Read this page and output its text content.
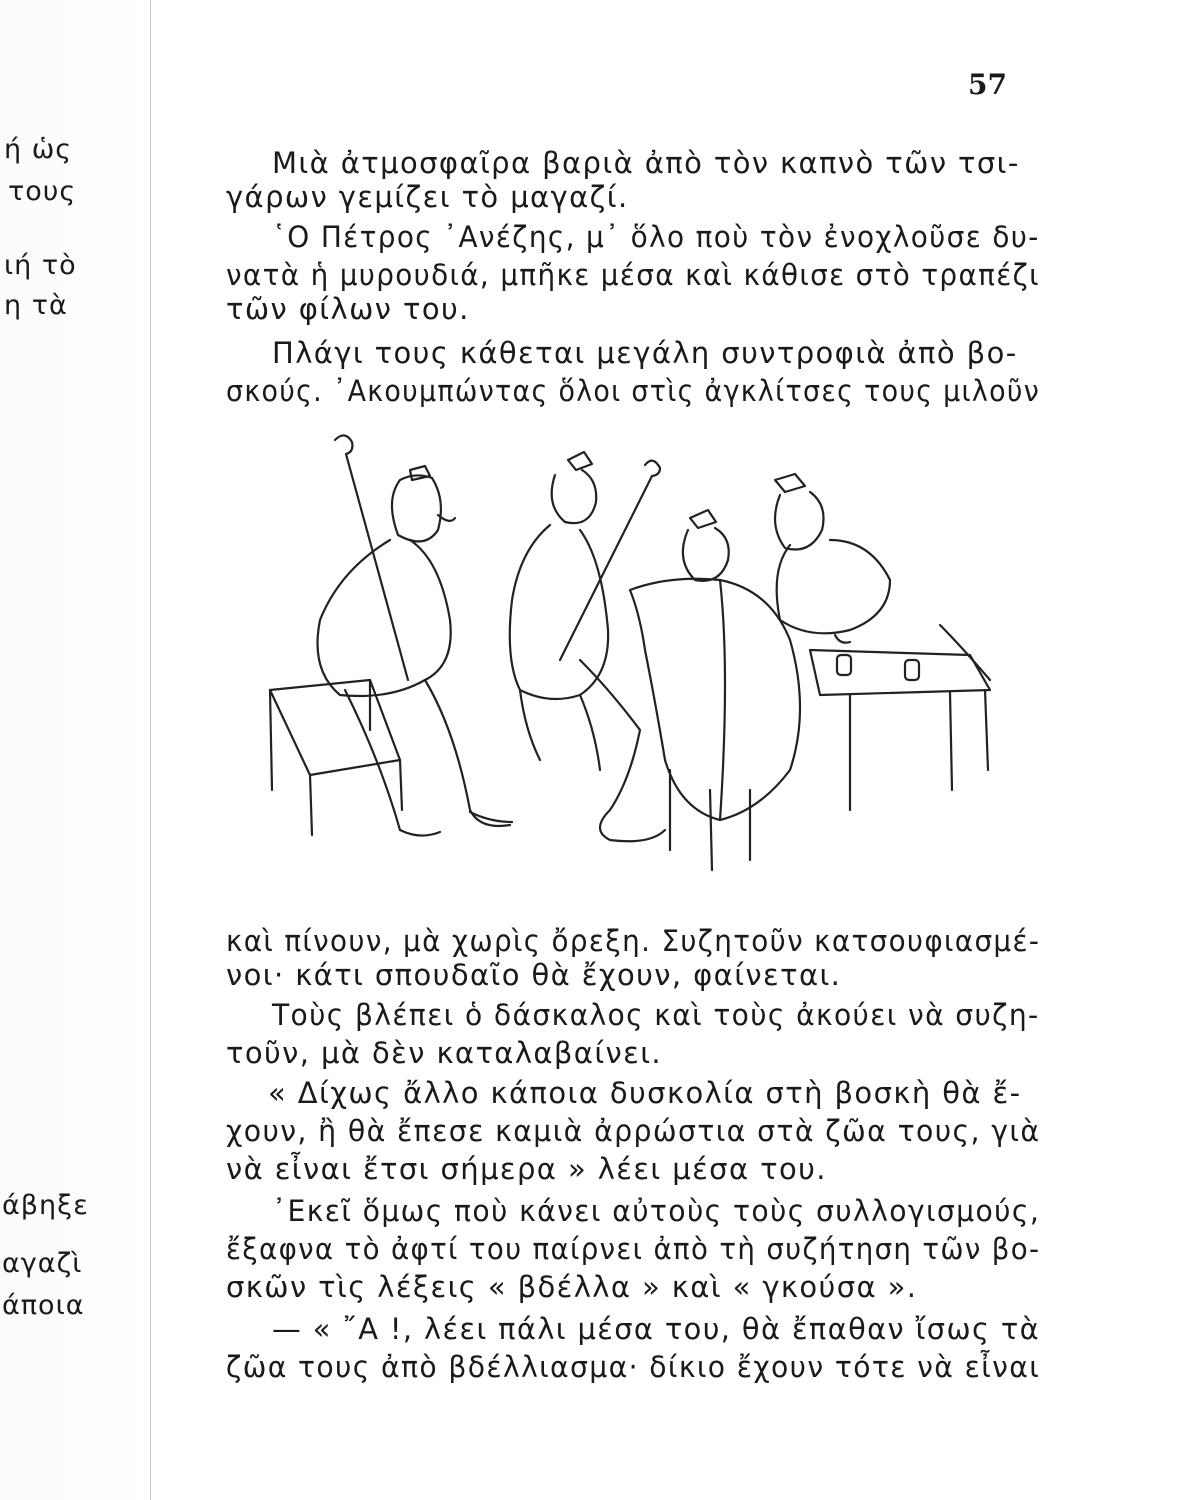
ή ὡς
τους
ιή τὸ
η τὰ
άβηξε
αγαζὶ
άποια
57
Μιὰ ἀτμοσφαῖρα βαριὰ ἀπὸ τὸν καπνὸ τῶν τσι-
γάρων γεμίζει τὸ μαγαζί.
῾Ο Πέτρος ᾿Ανέζης, μ᾿ ὅλο ποὺ τὸν ἐνοχλοῦσε δυ-
νατὰ ἡ μυρουδιά, μπῆκε μέσα καὶ κάθισε στὸ τραπέζι
τῶν φίλων του.
Πλάγι τους κάθεται μεγάλη συντροφιὰ ἀπὸ βο-
σκούς. ᾿Ακουμπώντας ὅλοι στὶς ἀγκλίτσες τους μιλοῦν
καὶ πίνουν, μὰ χωρὶς ὄρεξη. Συζητοῦν κατσουφιασμέ-
νοι· κάτι σπουδαῖο θὰ ἔχουν, φαίνεται.
Τοὺς βλέπει ὁ δάσκαλος καὶ τοὺς ἀκούει νὰ συζη-
τοῦν, μὰ δὲν καταλαβαίνει.
« Δίχως ἄλλο κάποια δυσκολία στὴ βοσκὴ θὰ ἔ-
χουν, ἢ θὰ ἔπεσε καμιὰ ἀρρώστια στὰ ζῶα τους, γιὰ
νὰ εἶναι ἔτσι σήμερα » λέει μέσα του.
᾿Εκεῖ ὅμως ποὺ κάνει αὐτοὺς τοὺς συλλογισμούς,
ἔξαφνα τὸ ἀφτί του παίρνει ἀπὸ τὴ συζήτηση τῶν βο-
σκῶν τὶς λέξεις « βδέλλα » καὶ « γκούσα ».
— « ῎Α !, λέει πάλι μέσα του, θὰ ἔπαθαν ἴσως τὰ
ζῶα τους ἀπὸ βδέλλιασμα· δίκιο ἔχουν τότε νὰ εἶναι
